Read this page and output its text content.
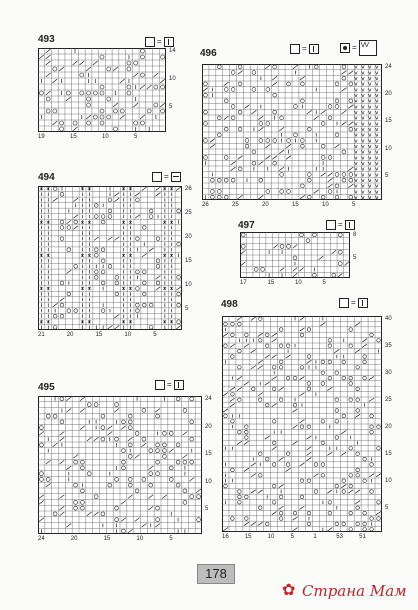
493
494
495
496
497
498
=
=
=
=	=
VV
=
=
× ×	× ×	× ×	× ×
× ×	× ×	× ×	× ×
× ×	× ×	× ×	× ×
× ×	× ×	× ×	× ×
× ×	× ×	× ×	× ×
v v v v
v v v v
v v v v
v v v v
v v v v
v v v v
v v v v
v v v v
v v v v
v v v v
v v v v
v v v v
v v v v
v v v v
v v v v
v v v v
v v v v
v v v v
v v v v
v v v v
v v v v
v v v v
v v v v
v v v v
14
10
5
19	15	10	5
26
25
20
15
10
5
21	20	15	10	5
24
20
15
10
5
24	20	15	10	5
24
20
15
10
5
26	25	20	15	10	5
8
5
17	15	10	5
40
35
30
25
20
15
10
5
16	15	10	5	1	53	51
178
✿ Страна Мам
